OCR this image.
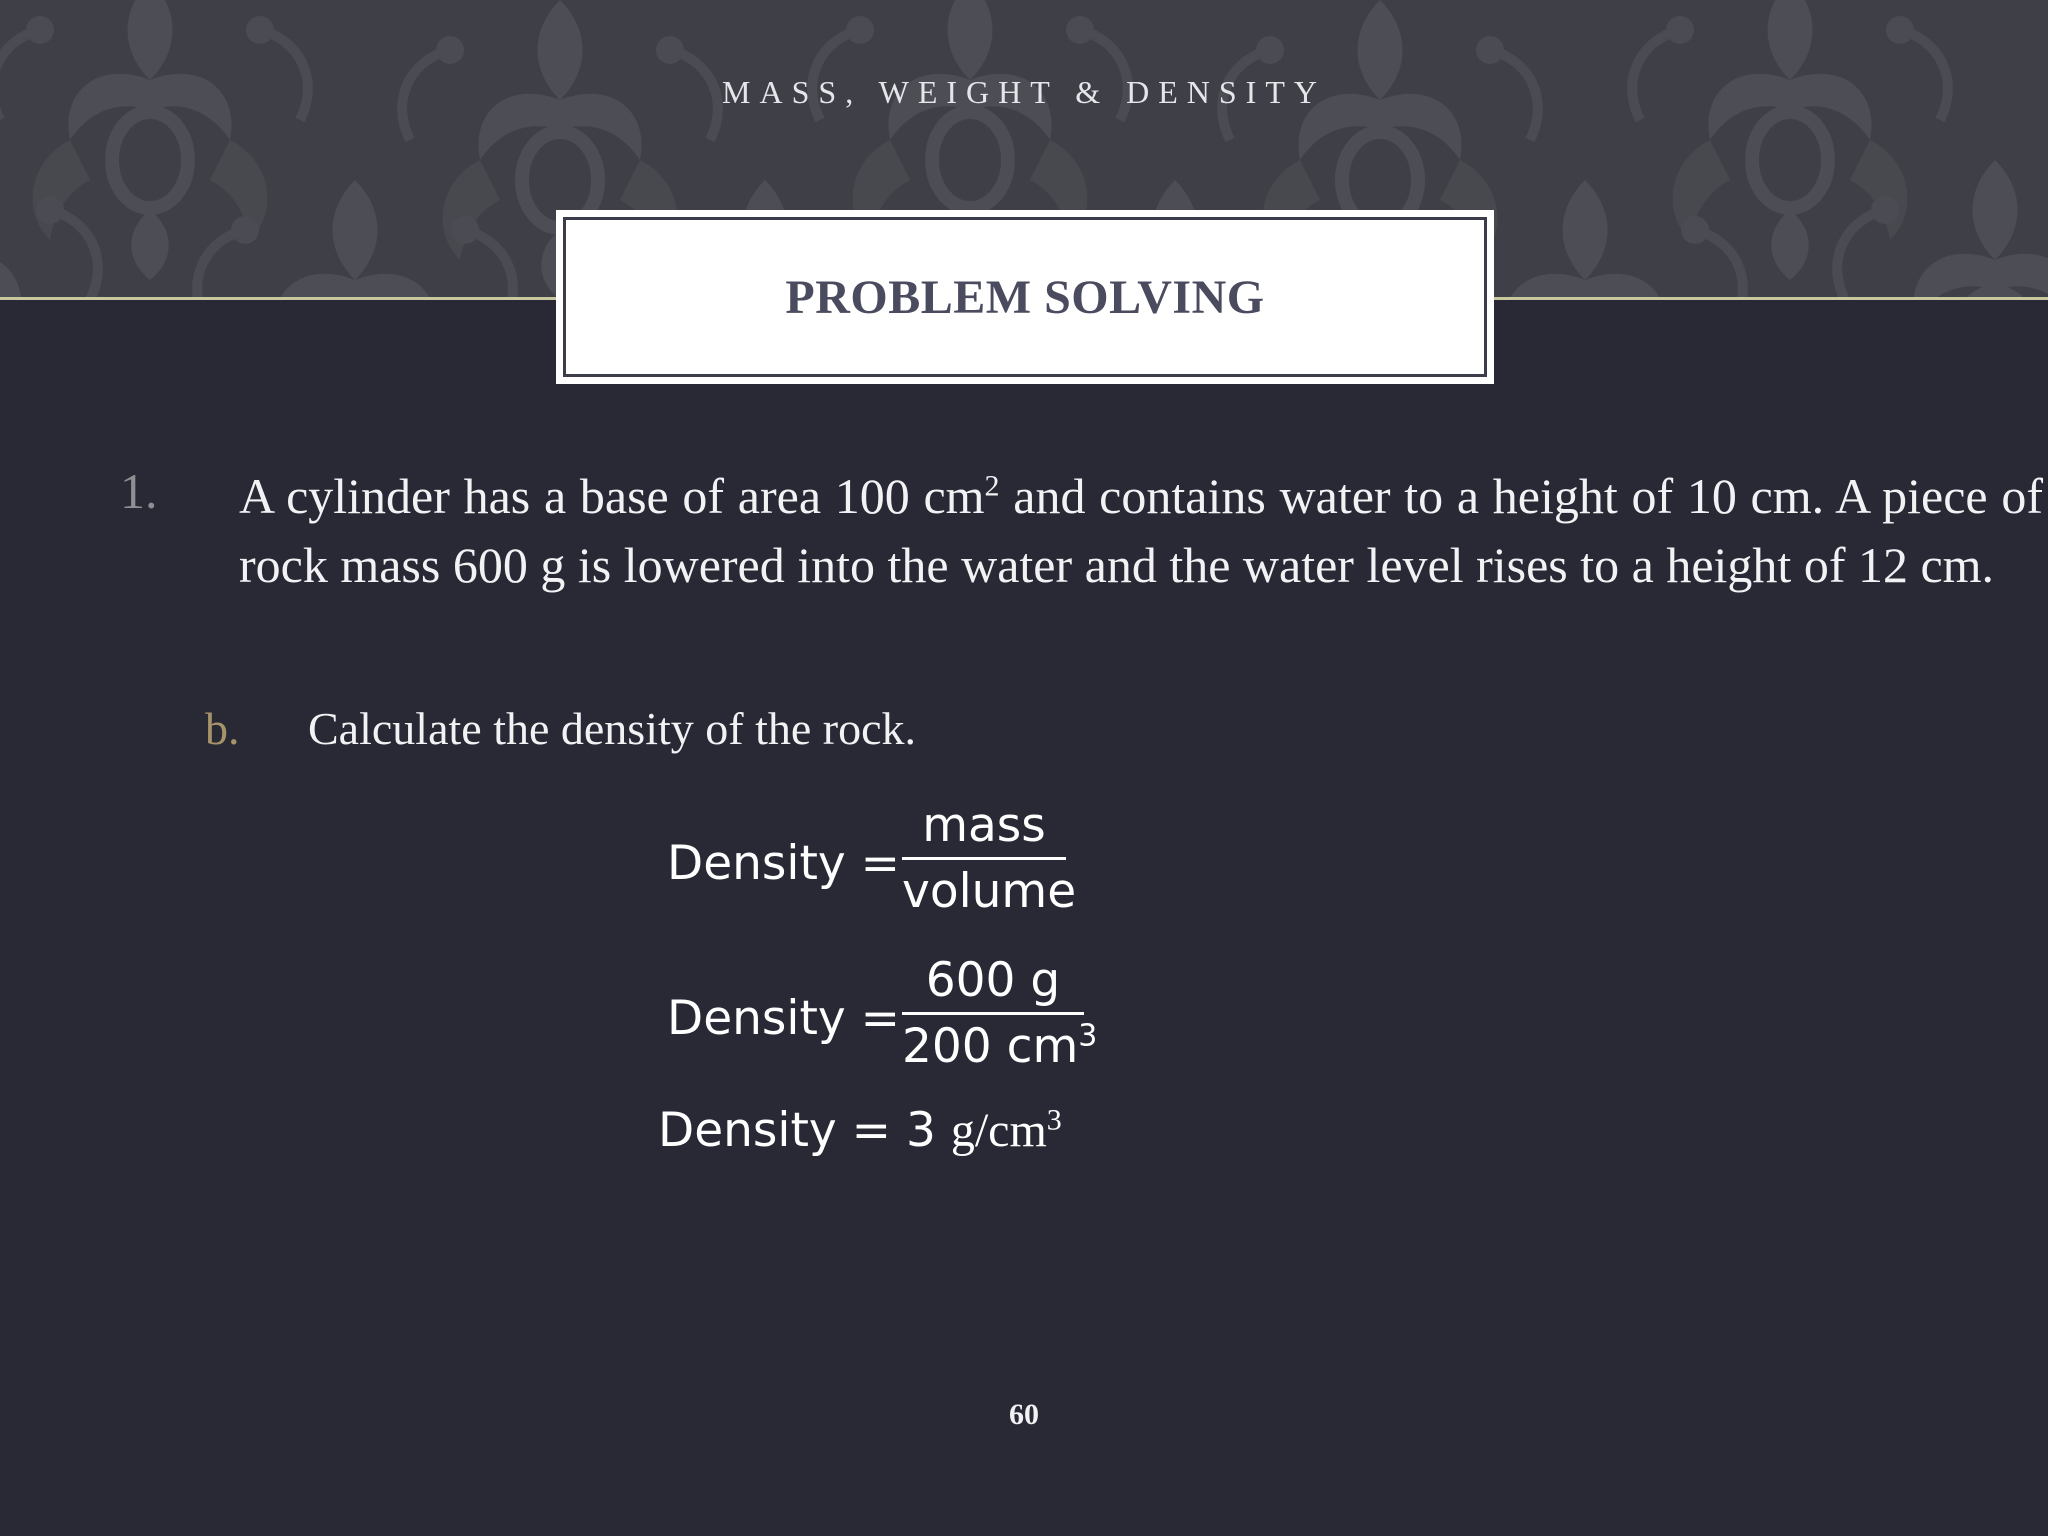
MASS, WEIGHT & DENSITY
PROBLEM SOLVING
1. A cylinder has a base of area 100 $cm^2$ and contains water to a height of 10 cm. A piece of rock mass 600 g is lowered into the water and the water level rises to a height of 12 cm.
b. Calculate the density of the rock.
Density =
mass
volume
Density =
600 g
200 $cm^3$
Density = 3 $g/cm^3$
60
